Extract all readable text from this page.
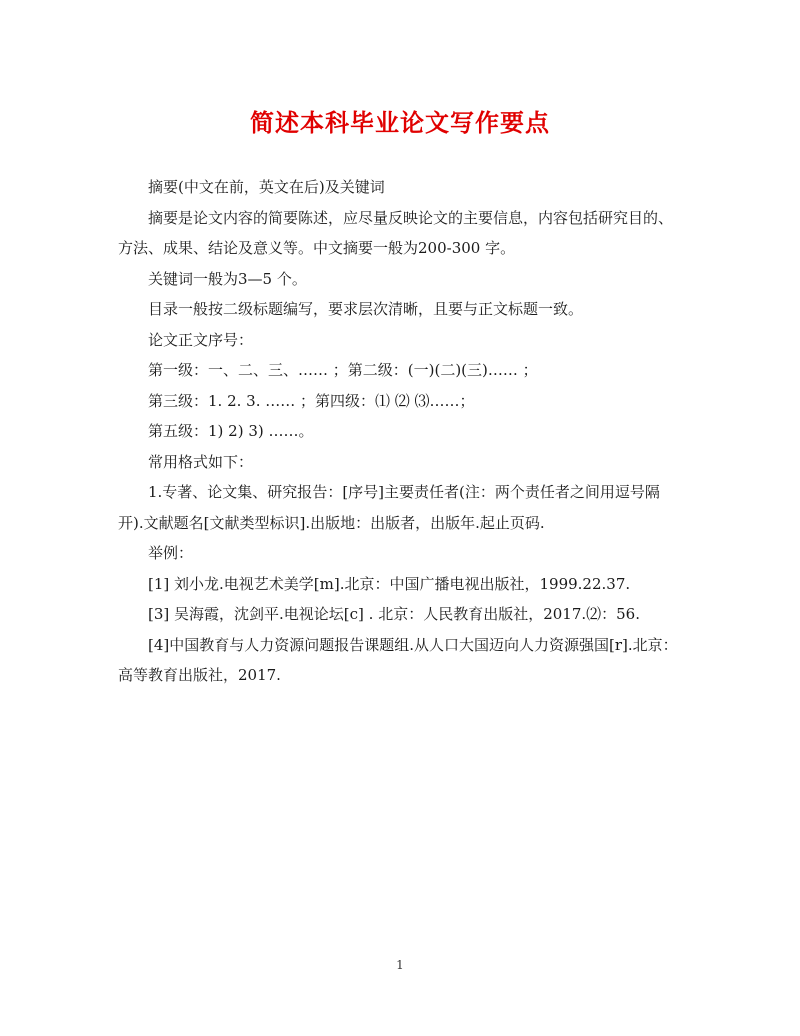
简述本科毕业论文写作要点

摘要(中文在前，英文在后)及关键词

摘要是论文内容的简要陈述，应尽量反映论文的主要信息，内容包括研究目的、方法、成果、结论及意义等。中文摘要一般为200-300 字。

关键词一般为3—5 个。

目录一般按二级标题编写，要求层次清晰，且要与正文标题一致。

论文正文序号：

第一级：一、二、三、…… ；第二级：(一)(二)(三)…… ；

第三级：1. 2. 3. …… ；第四级：⑴ ⑵ ⑶……；

第五级：1) 2) 3) ……。

常用格式如下：

1.专著、论文集、研究报告：[序号]主要责任者(注：两个责任者之间用逗号隔开).文献题名[文献类型标识].出版地：出版者，出版年.起止页码.

举例：

[1] 刘小龙.电视艺术美学[m].北京：中国广播电视出版社，1999.22.37.

[3] 吴海霞，沈剑平.电视论坛[c] . 北京：人民教育出版社，2017.⑵：56.

[4]中国教育与人力资源问题报告课题组.从人口大国迈向人力资源强国[r].北京：高等教育出版社，2017.

1
